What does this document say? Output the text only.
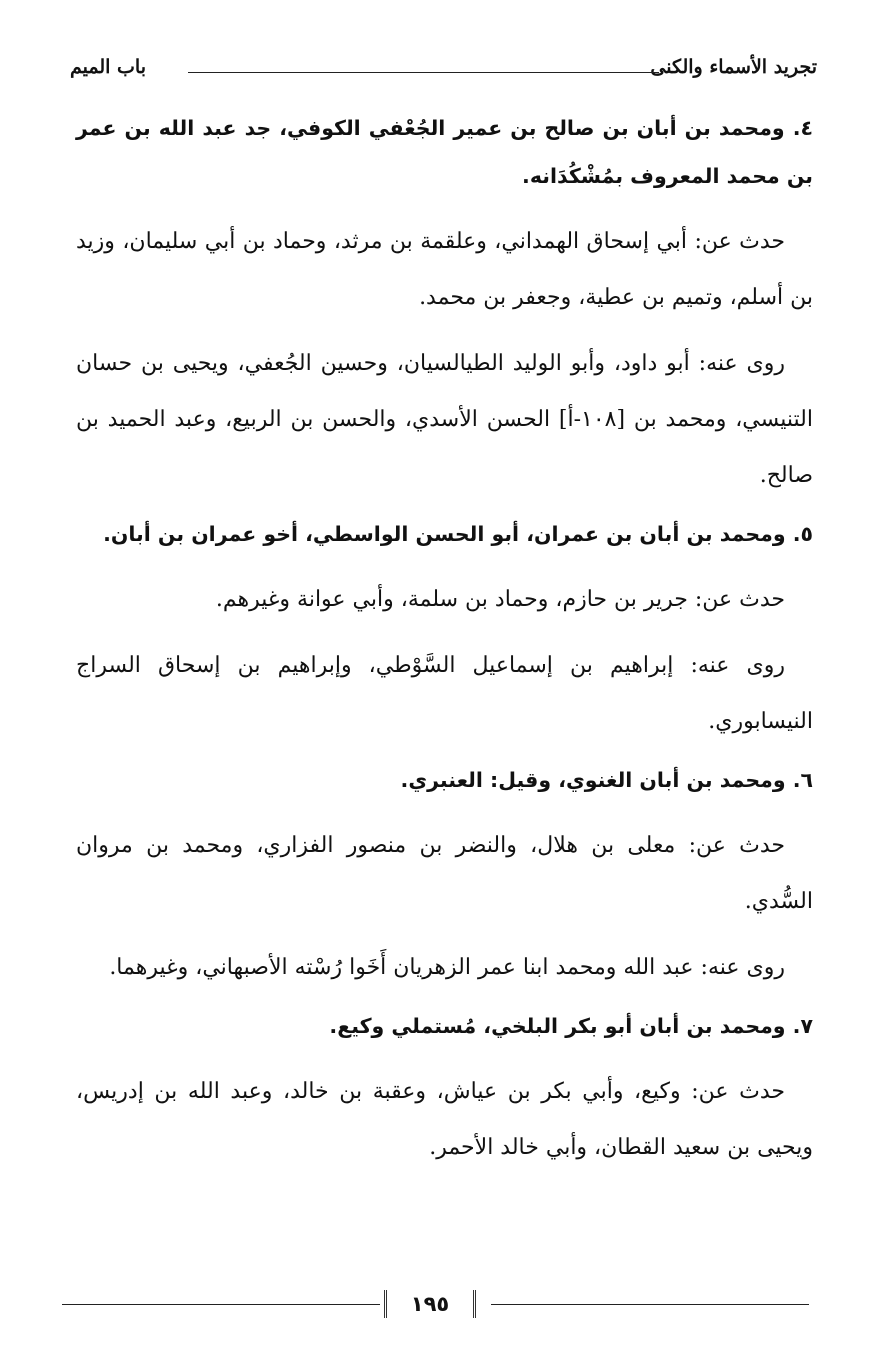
تجريد الأسماء والكنى
باب الميم

٤. ومحمد بن أبان بن صالح بن عمير الجُعْفي الكوفي، جد عبد الله بن عمر بن محمد المعروف بمُشْكُدَانه.

حدث عن: أبي إسحاق الهمداني، وعلقمة بن مرثد، وحماد بن أبي سليمان، وزيد بن أسلم، وتميم بن عطية، وجعفر بن محمد.

روى عنه: أبو داود، وأبو الوليد الطيالسيان، وحسين الجُعفي، ويحيى بن حسان التنيسي، ومحمد بن [١٠٨-أ] الحسن الأسدي، والحسن بن الربيع، وعبد الحميد بن صالح.

٥. ومحمد بن أبان بن عمران، أبو الحسن الواسطي، أخو عمران بن أبان.

حدث عن: جرير بن حازم، وحماد بن سلمة، وأبي عوانة وغيرهم.

روى عنه: إبراهيم بن إسماعيل السَّوْطي، وإبراهيم بن إسحاق السراج النيسابوري.

٦. ومحمد بن أبان الغنوي، وقيل: العنبري.

حدث عن: معلى بن هلال، والنضر بن منصور الفزاري، ومحمد بن مروان السُّدي.

روى عنه: عبد الله ومحمد ابنا عمر الزهريان أَخَوا رُسْته الأصبهاني، وغيرهما.

٧. ومحمد بن أبان أبو بكر البلخي، مُستملي وكيع.

حدث عن: وكيع، وأبي بكر بن عياش، وعقبة بن خالد، وعبد الله بن إدريس، ويحيى بن سعيد القطان، وأبي خالد الأحمر.

١٩٥
